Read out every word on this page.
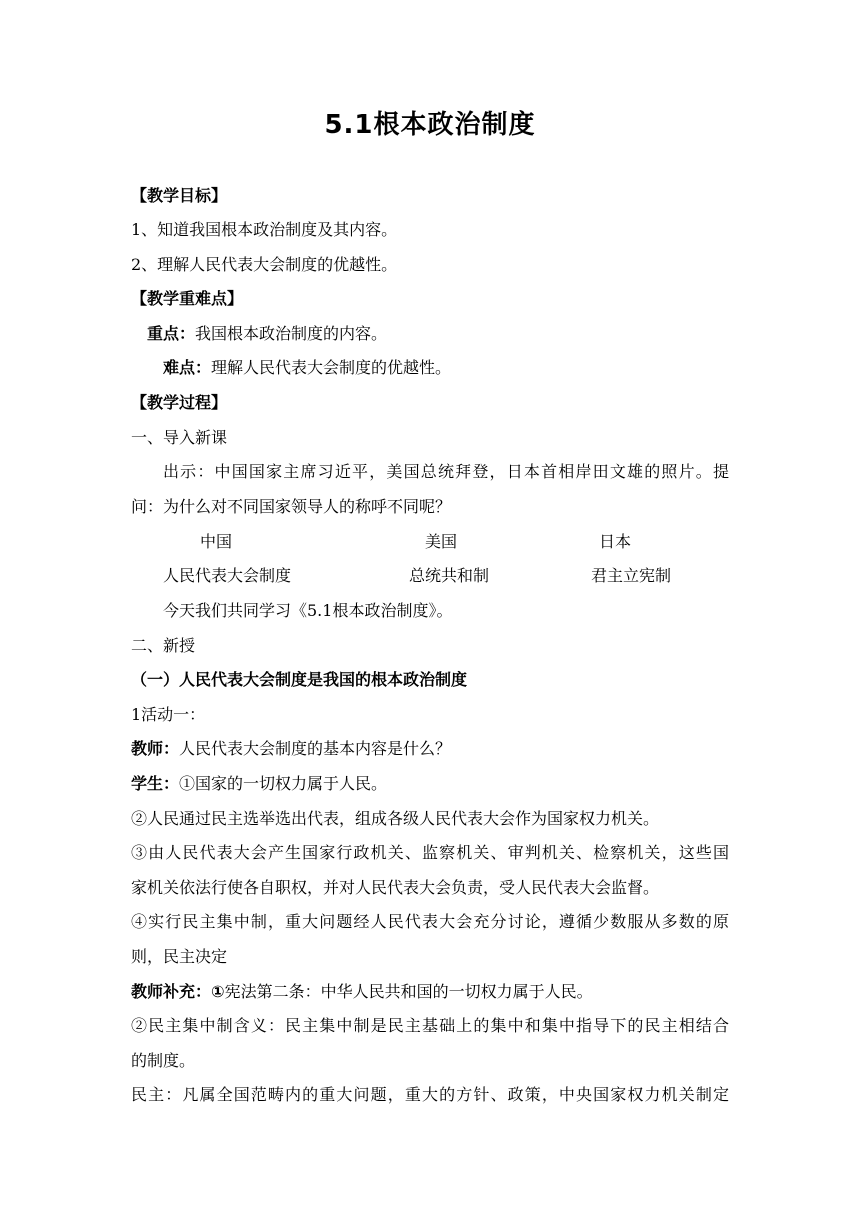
5.1根本政治制度
【教学目标】
1、知道我国根本政治制度及其内容。
2、理解人民代表大会制度的优越性。
【教学重难点】
重点：我国根本政治制度的内容。
难点：理解人民代表大会制度的优越性。
【教学过程】
一、导入新课
出示：中国国家主席习近平，美国总统拜登，日本首相岸田文雄的照片。提
问：为什么对不同国家领导人的称呼不同呢？
中国	美国	日本
人民代表大会制度	总统共和制	君主立宪制
今天我们共同学习《5.1根本政治制度》。
二、新授
（一）人民代表大会制度是我国的根本政治制度
1活动一：
教师：人民代表大会制度的基本内容是什么？
学生：①国家的一切权力属于人民。
②人民通过民主选举选出代表，组成各级人民代表大会作为国家权力机关。
③由人民代表大会产生国家行政机关、监察机关、审判机关、检察机关，这些国
家机关依法行使各自职权，并对人民代表大会负责，受人民代表大会监督。
④实行民主集中制，重大问题经人民代表大会充分讨论，遵循少数服从多数的原
则，民主决定
教师补充：①宪法第二条：中华人民共和国的一切权力属于人民。
②民主集中制含义：民主集中制是民主基础上的集中和集中指导下的民主相结合
的制度。
民主：凡属全国范畴内的重大问题，重大的方针、政策，中央国家权力机关制定
